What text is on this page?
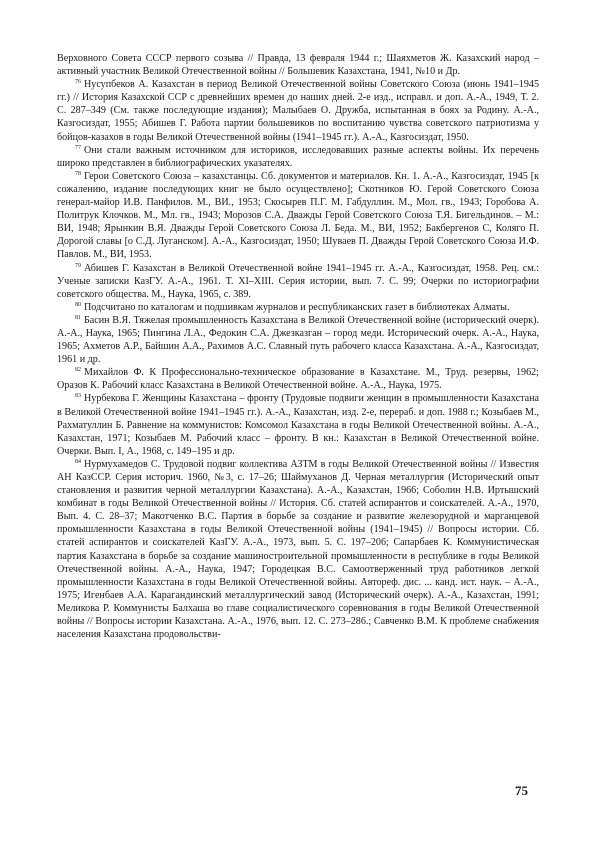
Верховного Совета СССР первого созыва // Правда, 13 февраля 1944 г.; Шаяхметов Ж. Казахский народ – активный участник Великой Отечественной войны // Большевик Казахстана, 1941, №10 и Др.

$^{76}$ Нусупбеков А. Казахстан в период Великой Отечественной войны Советского Союза (июнь 1941–1945 гг.) // История Казахской ССР с древнейших времен до наших дней. 2-е изд., исправл. и доп. А.-А., 1949, Т. 2. С. 287–349 (См. также последующие издания); Малыбаев О. Дружба, испытанная в боях за Родину. А.-А., Казгосиздат, 1955; Абишев Г. Работа партии большевиков по воспитанию чувства советского патриотизма у бойцов-казахов в годы Великой Отечественной войны (1941–1945 гг.). А.-А., Казгосиздат, 1950.

$^{77}$ Они стали важным источником для историков, исследовавших разные аспекты войны. Их перечень широко представлен в библиографических указателях.

$^{78}$ Герои Советского Союза – казахстанцы. Сб. документов и материалов. Кн. 1. А.-А., Казгосиздат, 1945 [к сожалению, издание последующих книг не было осуществлено]; Скотников Ю. Герой Советского Союза генерал-майор И.В. Панфилов. М., ВИ., 1953; Скосырев П.Г. М. Габдуллин. М., Мол. гв., 1943; Горобова А. Политрук Клочков. М., Мл. гв., 1943; Морозов С.А. Дважды Герой Советского Союза Т.Я. Бигельдинов. – М.: ВИ, 1948; Ярынкин В.Я. Дважды Герой Советского Союза Л. Беда. М., ВИ, 1952; Бакбергенов С, Коляго П. Дорогой славы [о С.Д. Луганском]. А.-А., Казгосиздат, 1950; Шуваев П. Дважды Герой Советского Союза И.Ф. Павлов. М., ВИ, 1953.

$^{79}$ Абишев Г. Казахстан в Великой Отечественной войне 1941–1945 гг. А.-А., Казгосиздат, 1958. Рец. см.: Ученые записки КазГУ. А.-А., 1961. Т. XI–XIII. Серия истории, вып. 7. С. 99; Очерки по историографии советского общества. М., Наука, 1965, с. 389.

$^{80}$ Подсчитано по каталогам и подшивкам журналов и республиканских газет в библиотеках Алматы.

$^{81}$ Басин В.Я. Тяжелая промышленность Казахстана в Великой Отечественной войне (исторический очерк). А.-А., Наука, 1965; Пингина Л.А., Федокин С.А. Джезказган – город меди. Исторический очерк. А.-А., Наука, 1965; Ахметов А.Р., Байшин А.А., Рахимов А.С. Славный путь рабочего класса Казахстана. А.-А., Казгосиздат, 1961 и др.

$^{82}$ Михайлов Ф. К Профессионально-техническое образование в Казахстане. М., Труд. резервы, 1962; Оразов К. Рабочий класс Казахстана в Великой Отечественной войне. А.-А., Наука, 1975.

$^{83}$ Нурбекова Г. Женщины Казахстана – фронту (Трудовые подвиги женщин в промышленности Казахстана в Великой Отечественной войне 1941–1945 гг.). А.-А., Казахстан, изд. 2-е, перераб. и доп. 1988 г.; Козыбаев М., Рахматуллин Б. Равнение на коммунистов: Комсомол Казахстана в годы Великой Отечественной войны. А.-А., Казахстан, 1971; Козыбаев М. Рабочий класс – фронту. В кн.: Казахстан в Великой Отечественной войне. Очерки. Вып. I, А., 1968, с. 149–195 и др.

$^{84}$ Нурмухамедов С. Трудовой подвиг коллектива АЗТМ в годы Великой Отечественной войны // Известия АН КазССР. Серия историч. 1960, №3, с. 17–26; Шаймуханов Д. Черная металлургия (Исторический опыт становления и развития черной металлургии Казахстана). А.-А., Казахстан, 1966; Соболин Н.В. Иртышский комбинат в годы Великой Отечественной войны // История. Сб. статей аспирантов и соискателей. А.-А., 1970, Вып. 4. С. 28–37; Макотченко В.С. Партия в борьбе за создание и развитие железорудной и марганцевой промышленности Казахстана в годы Великой Отечественной войны (1941–1945) // Вопросы истории. Сб. статей аспирантов и соискателей КазГУ. А.-А., 1973, вып. 5. С. 197–206; Сапарбаев К. Коммунистическая партия Казахстана в борьбе за создание машиностроительной промышленности в республике в годы Великой Отечественной войны. А.-А., Наука, 1947; Городецкая В.С. Самоотверженный труд работников легкой промышленности Казахстана в годы Великой Отечественной войны. Автореф. дис. ... канд. ист. наук. – А.-А., 1975; Игенбаев А.А. Карагандинский металлургический завод (Исторический очерк). А.-А., Казахстан, 1991; Меликова Р. Коммунисты Балхаша во главе социалистического соревнования в годы Великой Отечественной войны // Вопросы истории Казахстана. А.-А., 1976, вып. 12. С. 273–286.; Савченко В.М. К проблеме снабжения населения Казахстана продовольстви-

75
